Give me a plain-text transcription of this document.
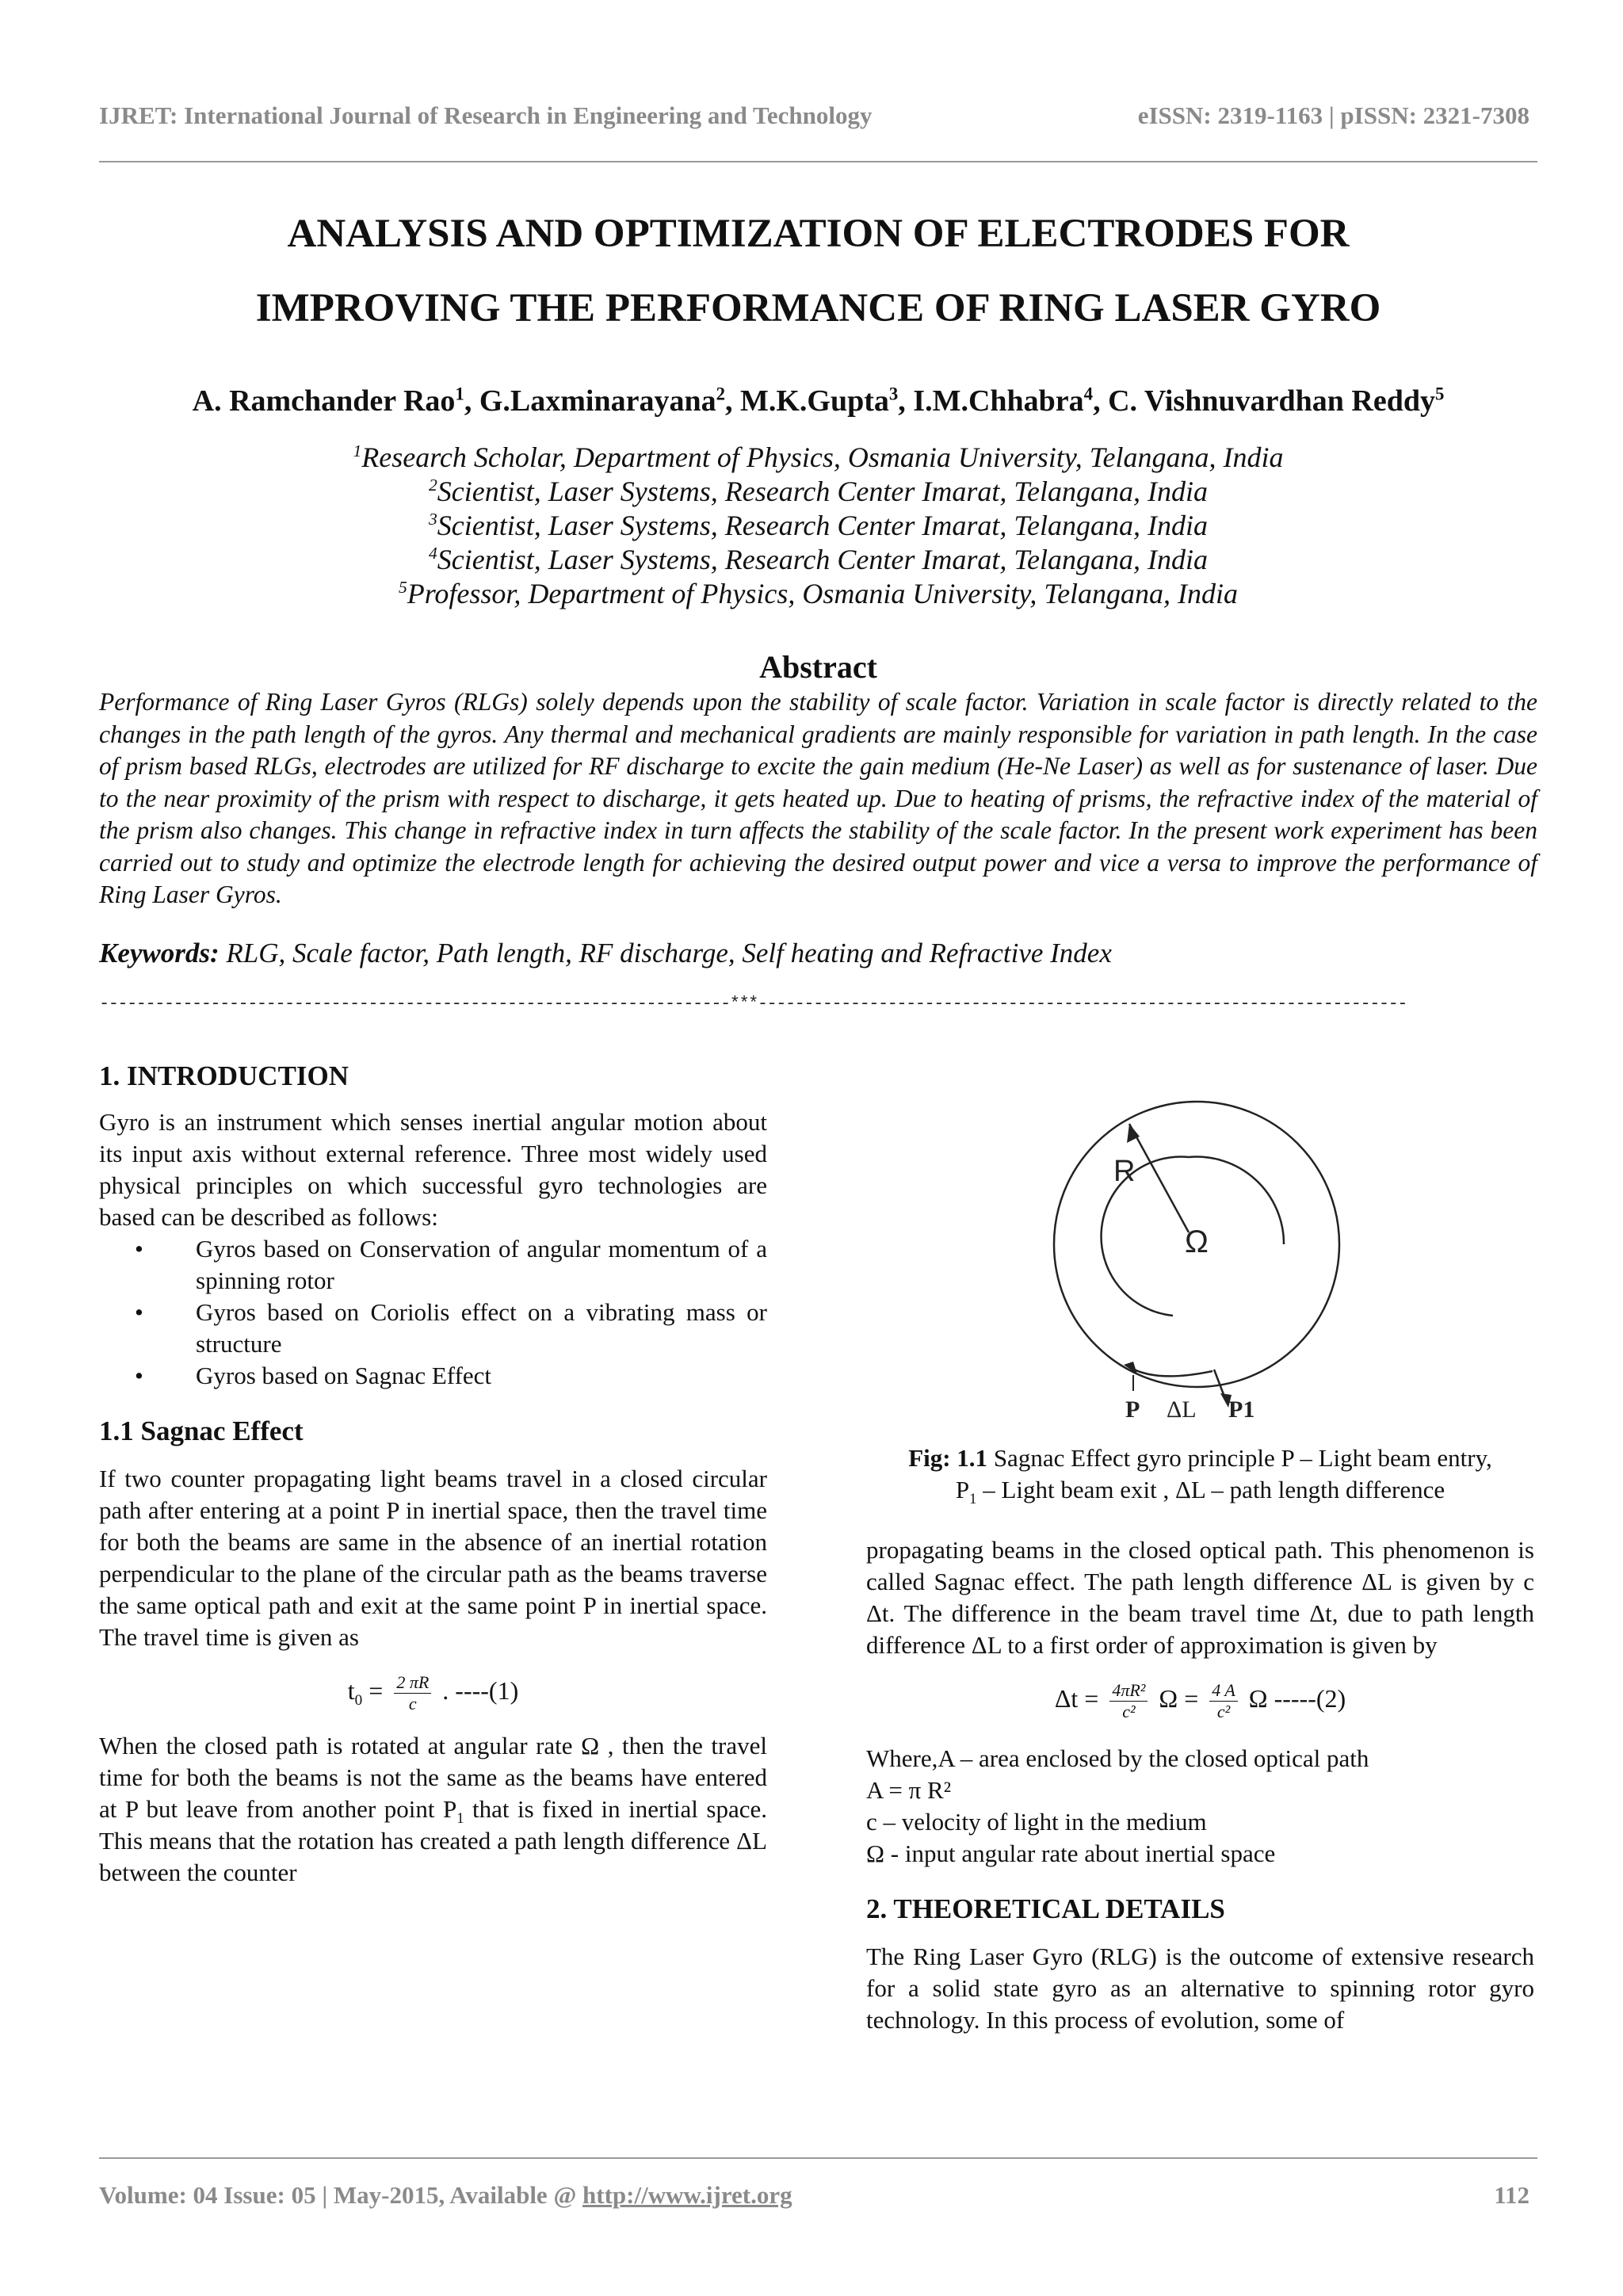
IJRET: International Journal of Research in Engineering and Technology	eISSN: 2319-1163 | pISSN: 2321-7308
ANALYSIS AND OPTIMIZATION OF ELECTRODES FOR
IMPROVING THE PERFORMANCE OF RING LASER GYRO
A. Ramchander Rao$^1$, G.Laxminarayana$^2$, M.K.Gupta$^3$, I.M.Chhabra$^4$, C. Vishnuvardhan Reddy$^5$
$^1$Research Scholar, Department of Physics, Osmania University, Telangana, India
$^2$Scientist, Laser Systems, Research Center Imarat, Telangana, India
$^3$Scientist, Laser Systems, Research Center Imarat, Telangana, India
$^4$Scientist, Laser Systems, Research Center Imarat, Telangana, India
$^5$Professor, Department of Physics, Osmania University, Telangana, India
Abstract
Performance of Ring Laser Gyros (RLGs) solely depends upon the stability of scale factor. Variation in scale factor is directly related to the changes in the path length of the gyros. Any thermal and mechanical gradients are mainly responsible for variation in path length. In the case of prism based RLGs, electrodes are utilized for RF discharge to excite the gain medium (He-Ne Laser) as well as for sustenance of laser. Due to the near proximity of the prism with respect to discharge, it gets heated up. Due to heating of prisms, the refractive index of the material of the prism also changes. This change in refractive index in turn affects the stability of the scale factor. In the present work experiment has been carried out to study and optimize the electrode length for achieving the desired output power and vice a versa to improve the performance of Ring Laser Gyros.
Keywords: RLG, Scale factor, Path length, RF discharge, Self heating and Refractive Index
--------------------------------------------------------------------***----------------------------------------------------------------------
1. INTRODUCTION

Gyro is an instrument which senses inertial angular motion about its input axis without external reference. Three most widely used physical principles on which successful gyro technologies are based can be described as follows:

• Gyros based on Conservation of angular momentum of a spinning rotor
• Gyros based on Coriolis effect on a vibrating mass or structure
• Gyros based on Sagnac Effect
1.1 Sagnac Effect

If two counter propagating light beams travel in a closed circular path after entering at a point P in inertial space, then the travel time for both the beams are same in the absence of an inertial rotation perpendicular to the plane of the circular path as the beams traverse the same optical path and exit at the same point P in inertial space. The travel time is given as

$t_0 = \frac{2 \pi R}{c}$ . ----(1)

When the closed path is rotated at angular rate Ω , then the travel time for both the beams is not the same as the beams have entered at P but leave from another point $P_1$ that is fixed in inertial space. This means that the rotation has created a path length difference ΔL between the counter

R
Ω
P ΔL P1
Fig: 1.1 Sagnac Effect gyro principle P – Light beam entry,
$P_1$ – Light beam exit , ΔL – path length difference

propagating beams in the closed optical path. This phenomenon is called Sagnac effect. The path length difference ΔL is given by c Δt. The difference in the beam travel time Δt, due to path length difference ΔL to a first order of approximation is given by

$\Delta t = \frac{\text{4πR²}}{\text{c²}}$ $\Omega = \frac{4 A}{\text{c²}}$ Ω -----(2)
Where,A – area enclosed by the closed optical path
A = π R²
c – velocity of light in the medium
Ω - input angular rate about inertial space
2. THEORETICAL DETAILS

The Ring Laser Gyro (RLG) is the outcome of extensive research for a solid state gyro as an alternative to spinning rotor gyro technology. In this process of evolution, some of

Volume: 04 Issue: 05 | May-2015, Available @ http://www.ijret.org	112
